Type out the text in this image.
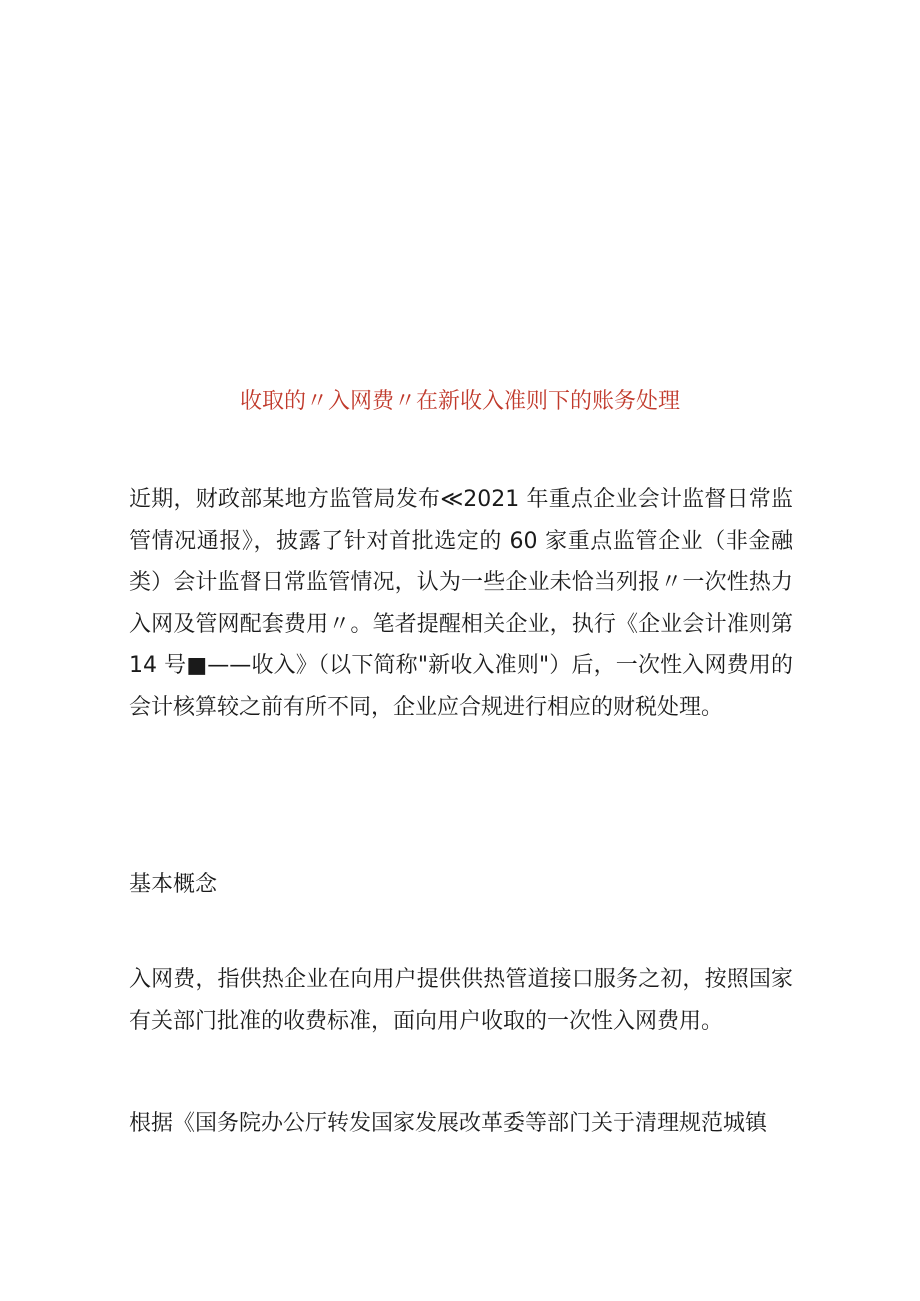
收取的〃入网费〃在新收入准则下的账务处理

近期，财政部某地方监管局发布≪2021 年重点企业会计监督日常监管情况通报》，披露了针对首批选定的 60 家重点监管企业（非金融类）会计监督日常监管情况，认为一些企业未恰当列报〃一次性热力入网及管网配套费用〃。笔者提醒相关企业，执行《企业会计准则第 14 号■——收入》（以下简称"新收入准则"）后，一次性入网费用的会计核算较之前有所不同，企业应合规进行相应的财税处理。

基本概念

入网费，指供热企业在向用户提供供热管道接口服务之初，按照国家有关部门批准的收费标准，面向用户收取的一次性入网费用。

根据《国务院办公厅转发国家发展改革委等部门关于清理规范城镇
